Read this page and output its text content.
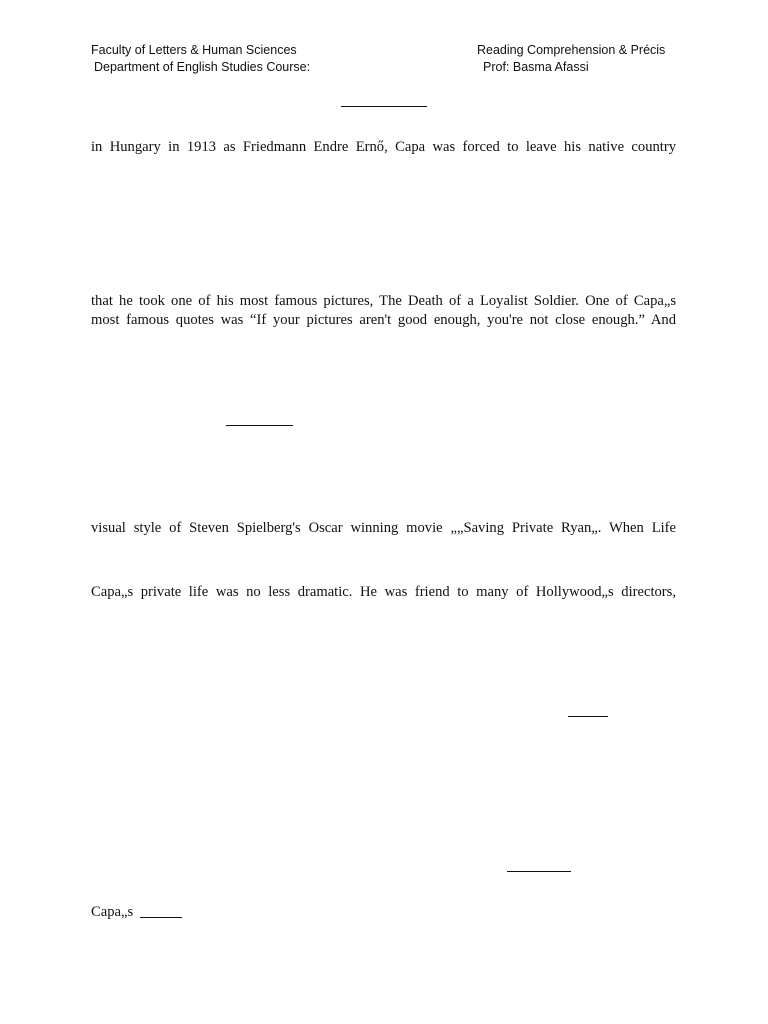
Faculty of Letters & Human Sciences
Department of English Studies Course:
Reading Comprehension & Précis
Prof: Basma Afassi
in Hungary in 1913 as Friedmann Endre Ernő, Capa was forced to leave his native country
that he took one of his most famous pictures, The Death of a Loyalist Soldier. One of Capa„s
most famous quotes was “If your pictures aren't good enough, you're not close enough.” And
visual style of Steven Spielberg's Oscar winning movie „„Saving Private Ryan„. When Life
Capa„s private life was no less dramatic. He was friend to many of Hollywood„s directors,
Capa„s
